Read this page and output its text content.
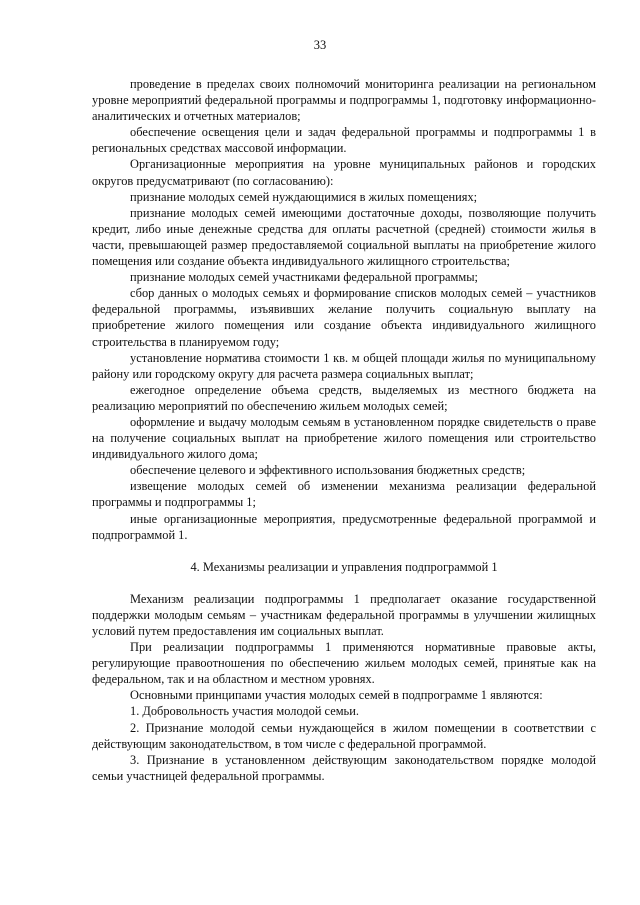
33

проведение в пределах своих полномочий мониторинга реализации на региональном уровне мероприятий федеральной программы и подпрограммы 1, подготовку информационно-аналитических и отчетных материалов;

обеспечение освещения цели и задач федеральной программы и подпрограммы 1 в региональных средствах массовой информации.

Организационные мероприятия на уровне муниципальных районов и городских округов предусматривают (по согласованию):

признание молодых семей нуждающимися в жилых помещениях;

признание молодых семей имеющими достаточные доходы, позволяющие получить кредит, либо иные денежные средства для оплаты расчетной (средней) стоимости жилья в части, превышающей размер предоставляемой социальной выплаты на приобретение жилого помещения или создание объекта индивидуального жилищного строительства;

признание молодых семей участниками федеральной программы;

сбор данных о молодых семьях и формирование списков молодых семей – участников федеральной программы, изъявивших желание получить социальную выплату на приобретение жилого помещения или создание объекта индивидуального жилищного строительства в планируемом году;

установление норматива стоимости 1 кв. м общей площади жилья по муниципальному району или городскому округу для расчета размера социальных выплат;

ежегодное определение объема средств, выделяемых из местного бюджета на реализацию мероприятий по обеспечению жильем молодых семей;

оформление и выдачу молодым семьям в установленном порядке свидетельств о праве на получение социальных выплат на приобретение жилого помещения или строительство индивидуального жилого дома;

обеспечение целевого и эффективного использования бюджетных средств;

извещение молодых семей об изменении механизма реализации федеральной программы и подпрограммы 1;

иные организационные мероприятия, предусмотренные федеральной программой и подпрограммой 1.

4. Механизмы реализации и управления подпрограммой 1

Механизм реализации подпрограммы 1 предполагает оказание государственной поддержки молодым семьям – участникам федеральной программы в улучшении жилищных условий путем предоставления им социальных выплат.

При реализации подпрограммы 1 применяются нормативные правовые акты, регулирующие правоотношения по обеспечению жильем молодых семей, принятые как на федеральном, так и на областном и местном уровнях.

Основными принципами участия молодых семей в подпрограмме 1 являются:

1. Добровольность участия молодой семьи.

2. Признание молодой семьи нуждающейся в жилом помещении в соответствии с действующим законодательством, в том числе с федеральной программой.

3. Признание в установленном действующим законодательством порядке молодой семьи участницей федеральной программы.
